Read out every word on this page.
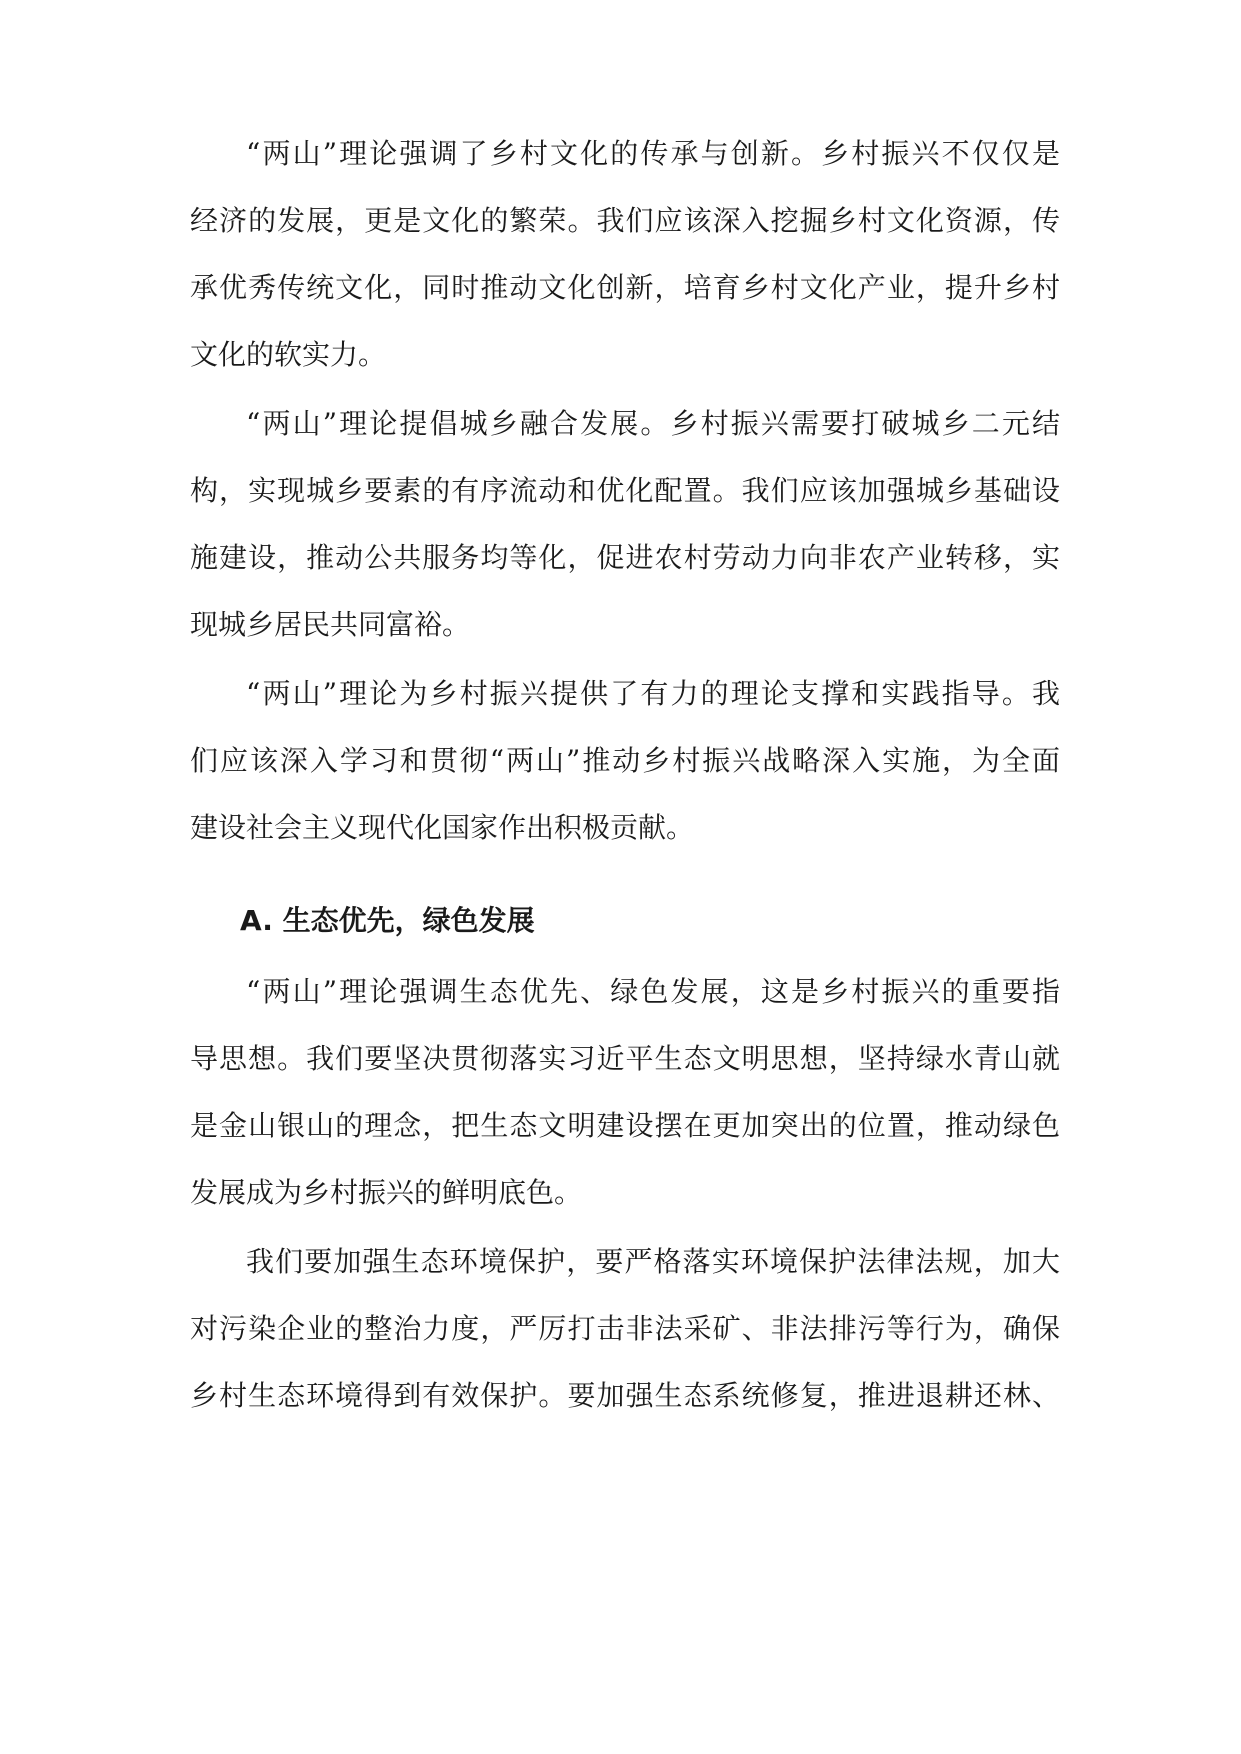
“两山”理论强调了乡村文化的传承与创新。乡村振兴不仅仅是
经济的发展，更是文化的繁荣。我们应该深入挖掘乡村文化资源，传
承优秀传统文化，同时推动文化创新，培育乡村文化产业，提升乡村
文化的软实力。
“两山”理论提倡城乡融合发展。乡村振兴需要打破城乡二元结
构，实现城乡要素的有序流动和优化配置。我们应该加强城乡基础设
施建设，推动公共服务均等化，促进农村劳动力向非农产业转移，实
现城乡居民共同富裕。
“两山”理论为乡村振兴提供了有力的理论支撑和实践指导。我
们应该深入学习和贯彻“两山”推动乡村振兴战略深入实施，为全面
建设社会主义现代化国家作出积极贡献。
A. 生态优先，绿色发展
“两山”理论强调生态优先、绿色发展，这是乡村振兴的重要指
导思想。我们要坚决贯彻落实习近平生态文明思想，坚持绿水青山就
是金山银山的理念，把生态文明建设摆在更加突出的位置，推动绿色
发展成为乡村振兴的鲜明底色。
我们要加强生态环境保护，要严格落实环境保护法律法规，加大
对污染企业的整治力度，严厉打击非法采矿、非法排污等行为，确保
乡村生态环境得到有效保护。要加强生态系统修复，推进退耕还林、
